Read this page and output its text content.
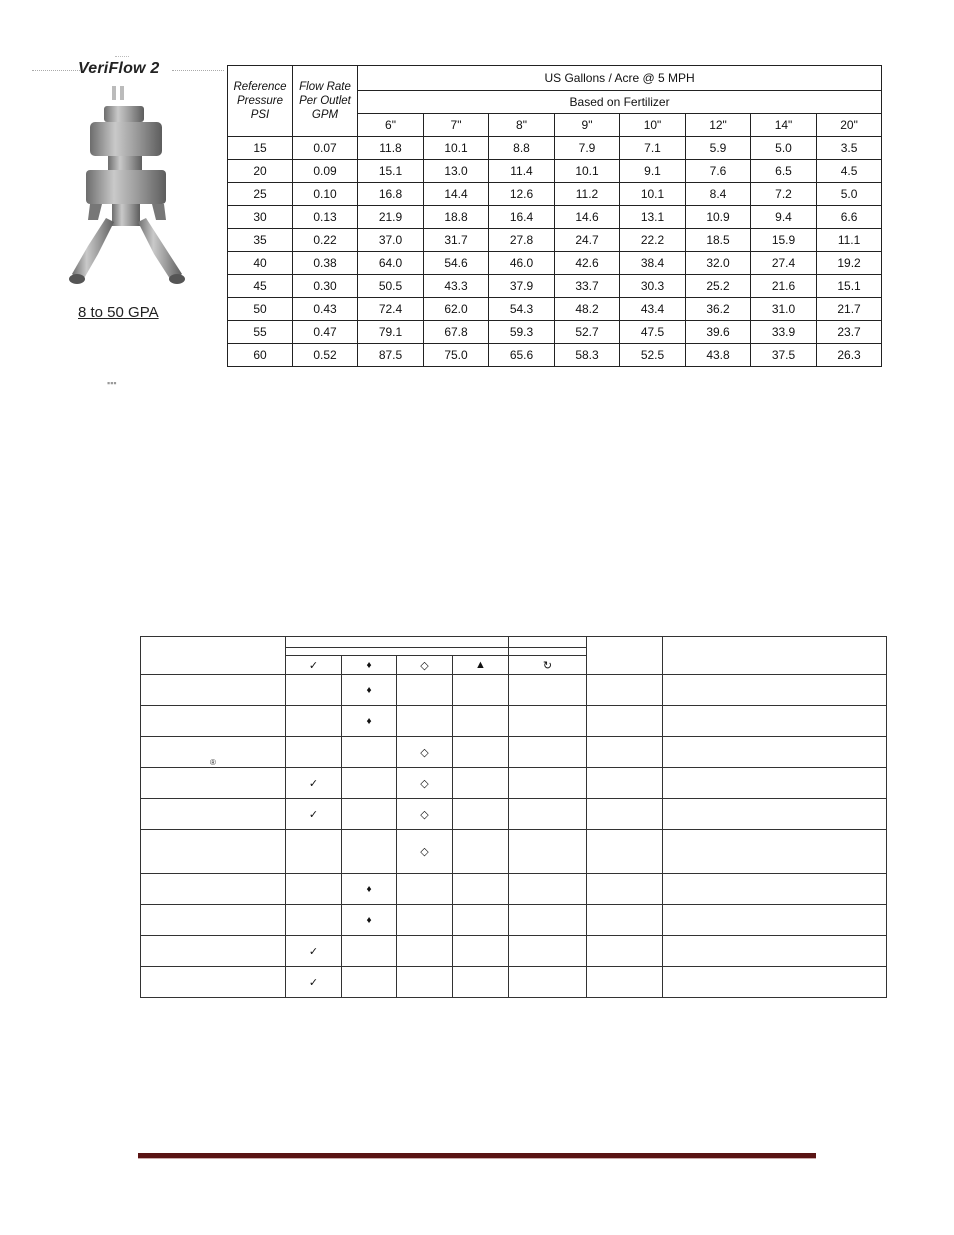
VeriFlow 2
8 to 50 GPA
▪▪▪
Reference
Pressure
PSI	Flow Rate
Per Outlet
GPM	US Gallons / Acre @ 5 MPH							
		Based on Fertilizer							
		6"	7"	8"	9"	10"	12"	14"	20"
15	0.07	11.8	10.1	8.8	7.9	7.1	5.9	5.0	3.5
20	0.09	15.1	13.0	11.4	10.1	9.1	7.6	6.5	4.5
25	0.10	16.8	14.4	12.6	11.2	10.1	8.4	7.2	5.0
30	0.13	21.9	18.8	16.4	14.6	13.1	10.9	9.4	6.6
35	0.22	37.0	31.7	27.8	24.7	22.2	18.5	15.9	11.1
40	0.38	64.0	54.6	46.0	42.6	38.4	32.0	27.4	19.2
45	0.30	50.5	43.3	37.9	33.7	30.3	25.2	21.6	15.1
50	0.43	72.4	62.0	54.3	48.2	43.4	36.2	31.0	21.7
55	0.47	79.1	67.8	59.3	52.7	47.5	39.6	33.9	23.7
60	0.52	87.5	75.0	65.6	58.3	52.5	43.8	37.5	26.3

	✓	♦	◇	▲	↻		
		♦					
		♦					
			◇				
	✓		◇				
	✓		◇				
			◇				
		♦					
		♦					
	✓						
	✓						
®
